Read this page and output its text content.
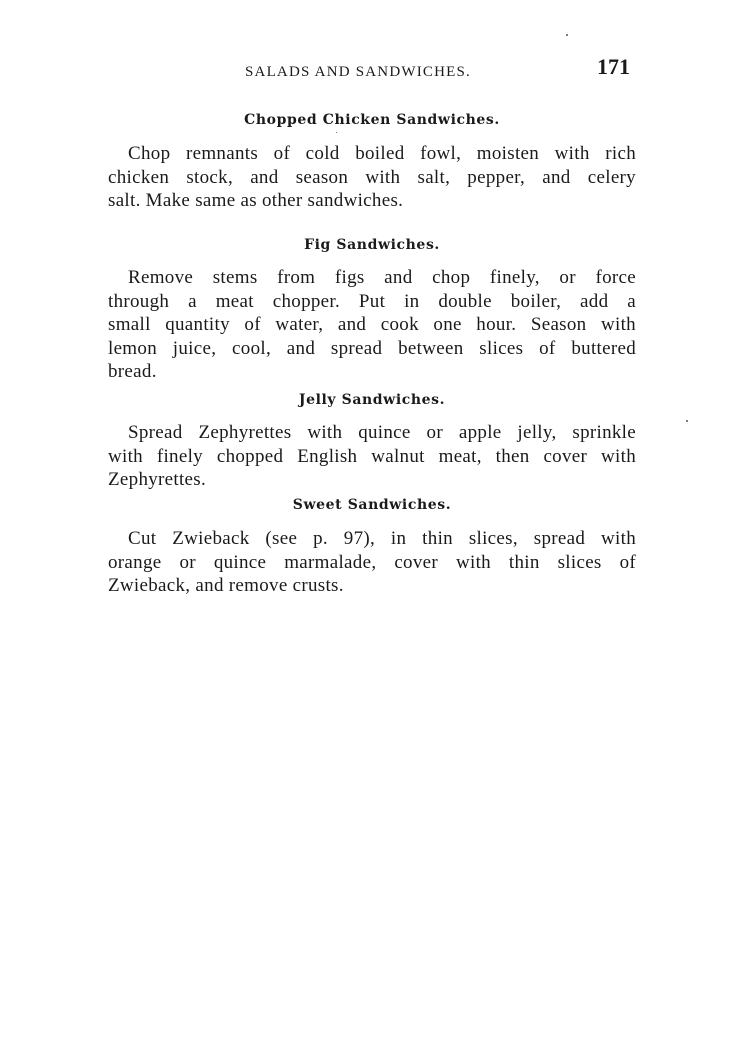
SALADS AND SANDWICHES.	171
Chopped Chicken Sandwiches.
Chop remnants of cold boiled fowl, moisten with rich
chicken stock, and season with salt, pepper, and celery
salt. Make same as other sandwiches.
Fig Sandwiches.
Remove stems from figs and chop finely, or force
through a meat chopper. Put in double boiler, add a
small quantity of water, and cook one hour. Season with
lemon juice, cool, and spread between slices of buttered
bread.
Jelly Sandwiches.
Spread Zephyrettes with quince or apple jelly, sprinkle
with finely chopped English walnut meat, then cover with
Zephyrettes.
Sweet Sandwiches.
Cut Zwieback (see p. 97), in thin slices, spread with
orange or quince marmalade, cover with thin slices of
Zwieback, and remove crusts.
